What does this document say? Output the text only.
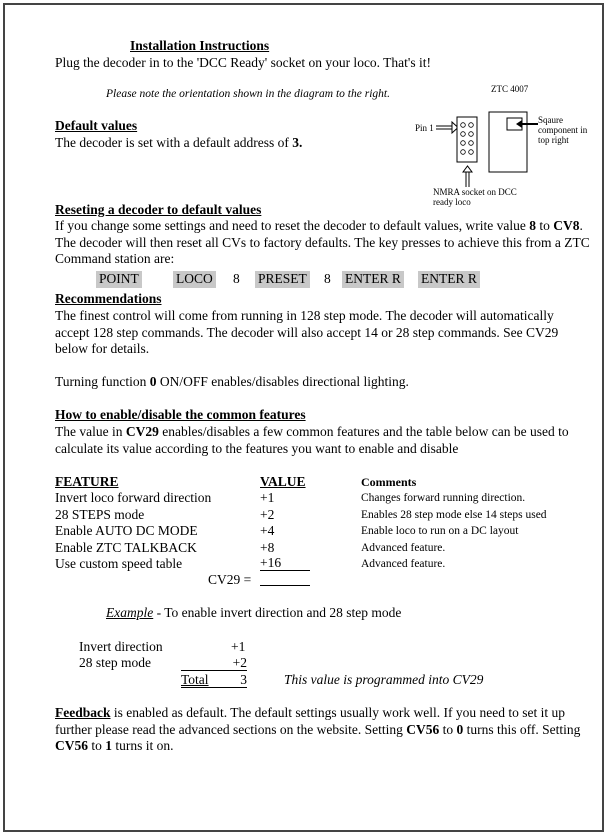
Installation Instructions
Plug the decoder in to the 'DCC Ready' socket on your loco. That's it!
Please note the orientation shown in the diagram to the right.	ZTC 4007
Pin 1
Sqaure component in top right
NMRA socket on DCC ready loco
Default values
The decoder is set with a default address of 3.
Reseting a decoder to default values
If you change some settings and need to reset the decoder to default values, write value 8 to CV8. The decoder will then reset all CVs to factory defaults. The key presses to achieve this from a ZTC Command station are:
POINT	LOCO 8 PRESET 8 ENTER R ENTER R
Recommendations
The finest control will come from running in 128 step mode. The decoder will automatically accept 128 step commands. The decoder will also accept 14 or 28 step commands. See CV29 below for details.
Turning function 0 ON/OFF enables/disables directional lighting.
How to enable/disable the common features
The value in CV29 enables/disables a few common features and the table below can be used to calculate its value according to the features you want to enable and disable
FEATURE	VALUE	Comments
Invert loco forward direction	+1	Changes forward running direction.
28 STEPS mode	+2	Enables 28 step mode else 14 steps used
Enable AUTO DC MODE	+4	Enable loco to run on a DC layout
Enable ZTC TALKBACK	+8	Advanced feature.
Use custom speed table	+16	Advanced feature.
CV29 =
Example - To enable invert direction and 28 step mode
Invert direction	+1
28 step mode	+2
Total	3	This value is programmed into CV29
Feedback is enabled as default. The default settings usually work well. If you need to set it up further please read the advanced sections on the website. Setting CV56 to 0 turns this off. Setting CV56 to 1 turns it on.
